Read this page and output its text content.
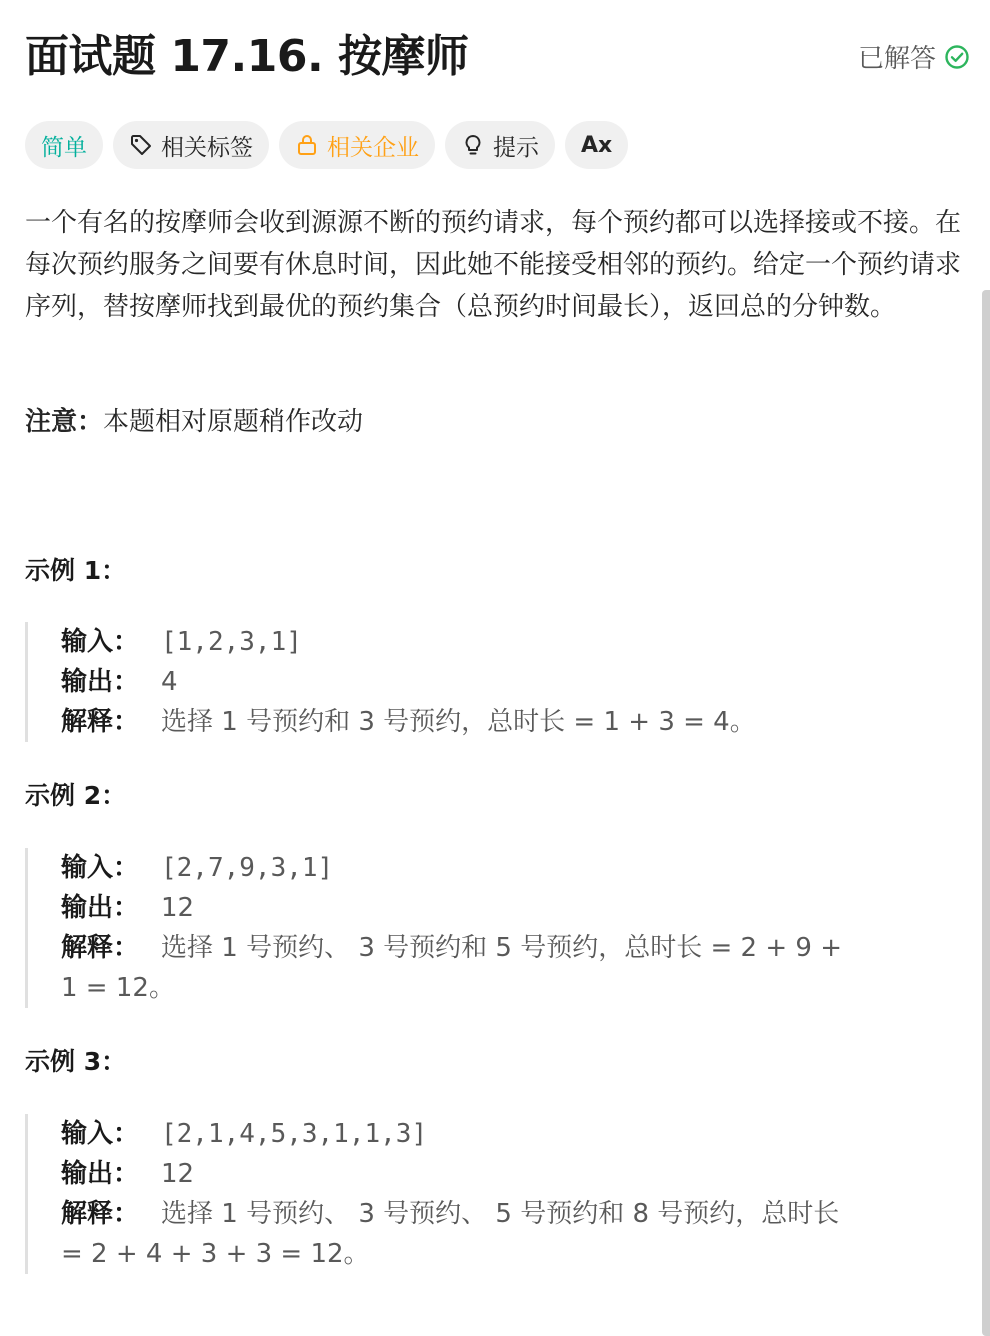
面试题 17.16. 按摩师	已解答
简单	相关标签	相关企业	提示 Ax
一个有名的按摩师会收到源源不断的预约请求，每个预约都可以选择接或不接。在每次预约服务之间要有休息时间，因此她不能接受相邻的预约。给定一个预约请求序列，替按摩师找到最优的预约集合（总预约时间最长），返回总的分钟数。
注意：本题相对原题稍作改动
示例 1：
输入： [1,2,3,1]
输出： 4
解释： 选择 1 号预约和 3 号预约，总时长 = 1 + 3 = 4。
示例 2：
输入： [2,7,9,3,1]
输出： 12
解释： 选择 1 号预约、 3 号预约和 5 号预约，总时长 = 2 + 9 +
1 = 12。
示例 3：
输入： [2,1,4,5,3,1,1,3]
输出： 12
解释： 选择 1 号预约、 3 号预约、 5 号预约和 8 号预约，总时长
= 2 + 4 + 3 + 3 = 12。
